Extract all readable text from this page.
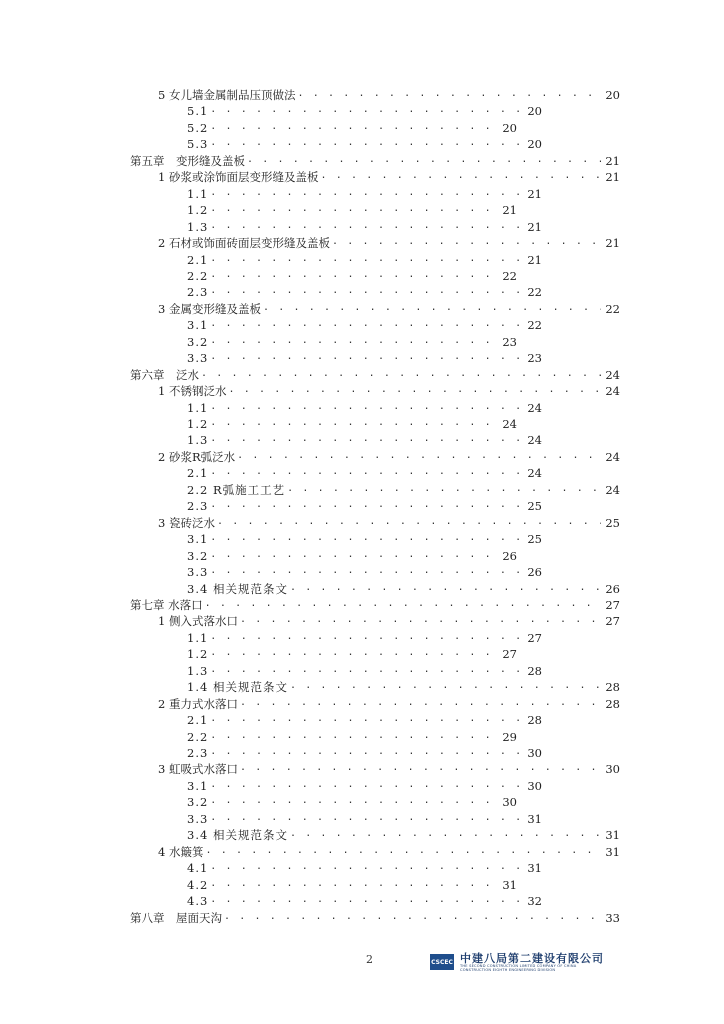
5 女儿墙金属制品压顶做法 . . .	20
5.1 . . .	20
5.2 . . .	20
5.3 . . .	20
第五章　变形缝及盖板 . . .	21
1 砂浆或涂饰面层变形缝及盖板 . . .	21
1.1 . . .	21
1.2 . . .	21
1.3 . . .	21
2 石材或饰面砖面层变形缝及盖板 . . .	21
2.1 . . .	21
2.2 . . .	22
2.3 . . .	22
3 金属变形缝及盖板 . . .	22
3.1 . . .	22
3.2 . . .	23
3.3 . . .	23
第六章　泛水 . . .	24
1 不锈钢泛水 . . .	24
1.1 . . .	24
1.2 . . .	24
1.3 . . .	24
2 砂浆R弧泛水 . . .	24
2.1 . . .	24
2.2 R弧施工工艺 . . .	24
2.3 . . .	25
3 瓷砖泛水 . . .	25
3.1 . . .	25
3.2 . . .	26
3.3 . . .	26
3.4 相关规范条文 . . .	26
第七章 水落口 . . .	27
1 侧入式落水口 . . .	27
1.1 . . .	27
1.2 . . .	27
1.3 . . .	28
1.4 相关规范条文 . . .	28
2 重力式水落口 . . .	28
2.1 . . .	28
2.2 . . .	29
2.3 . . .	30
3 虹吸式水落口 . . .	30
3.1 . . .	30
3.2 . . .	30
3.3 . . .	31
3.4 相关规范条文 . . .	31
4 水簸箕 . . .	31
4.1 . . .	31
4.2 . . .	31
4.3 . . .	32
第八章　屋面天沟 . . .	33
2	CSCEC 中建八局第二建设有限公司
THE SECOND CONSTRUCTION LIMITED COMPANY OF CHINA
CONSTRUCTION EIGHTH ENGINEERING DIVISION
